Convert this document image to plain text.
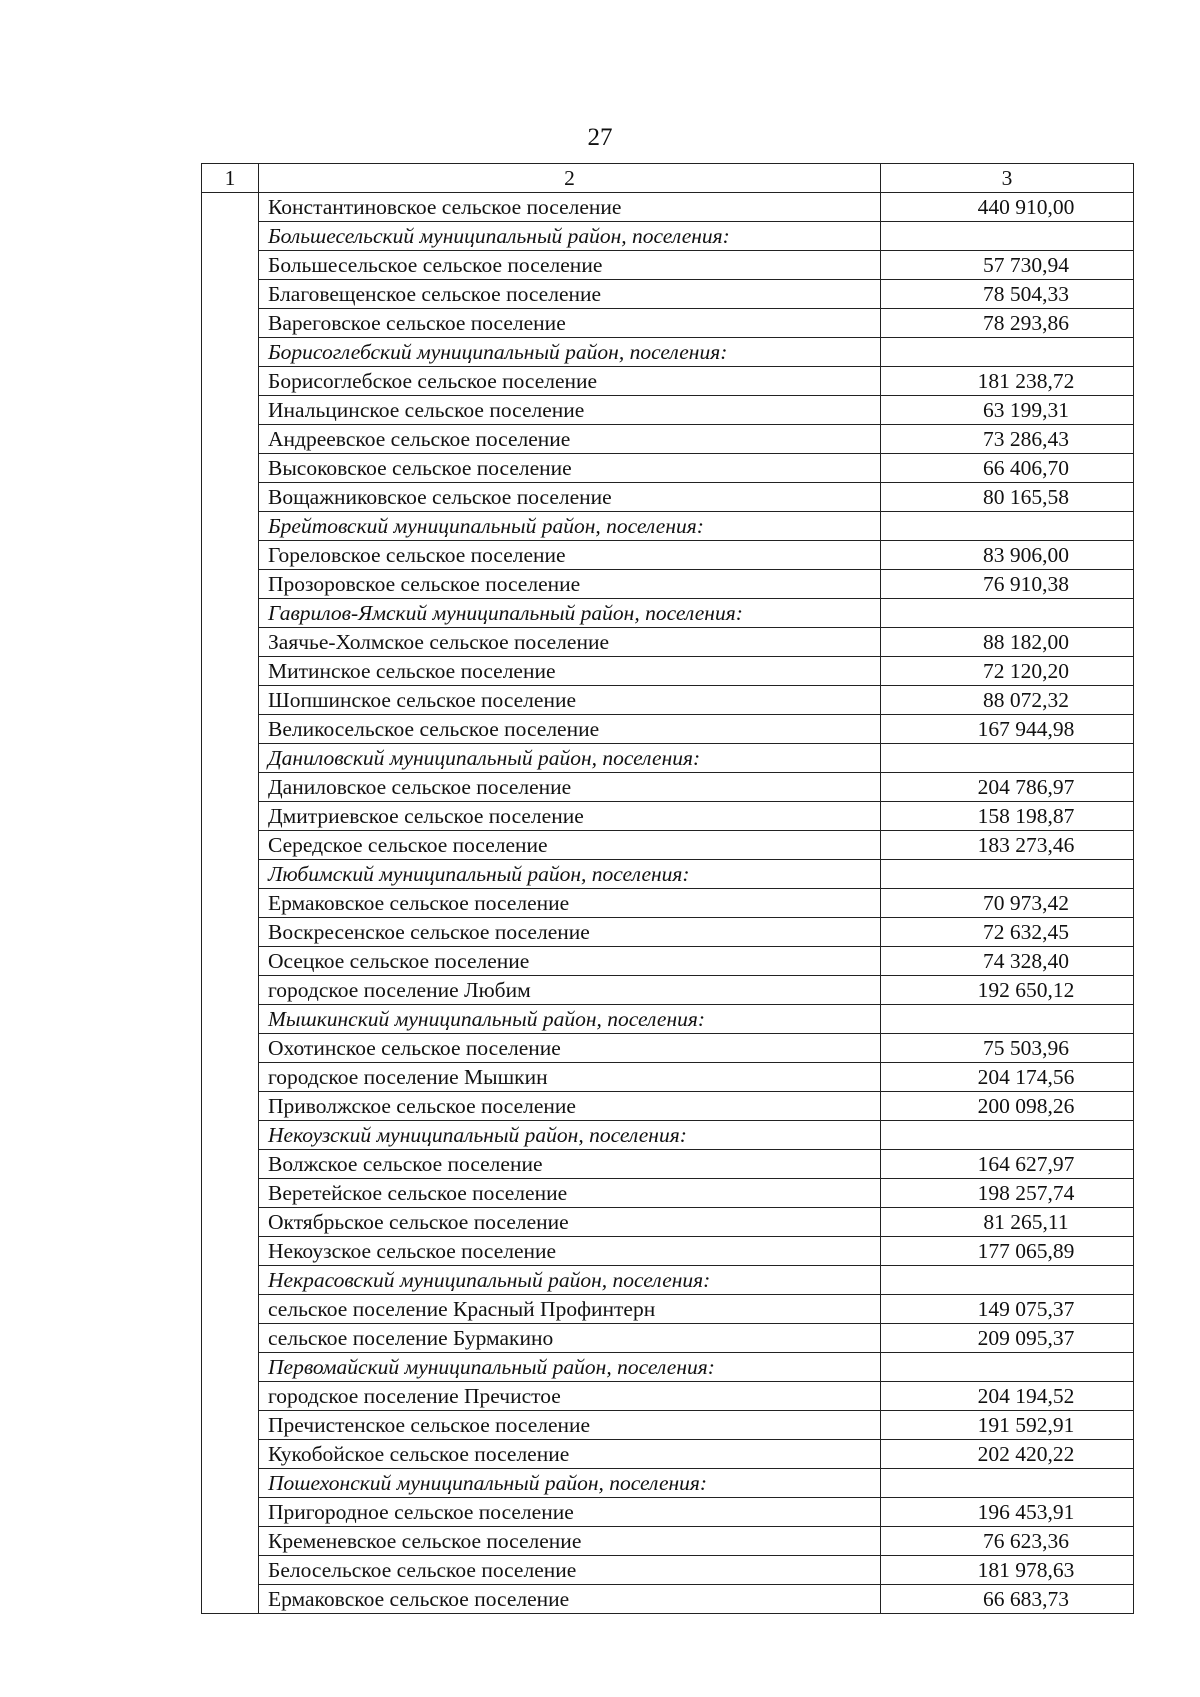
27
1	2	3
	Константиновское сельское поселение	440 910,00
	Большесельский муниципальный район, поселения:	
	Большесельское сельское поселение	57 730,94
	Благовещенское сельское поселение	78 504,33
	Вареговское сельское поселение	78 293,86
	Борисоглебский муниципальный район, поселения:	
	Борисоглебское сельское поселение	181 238,72
	Инальцинское сельское поселение	63 199,31
	Андреевское сельское поселение	73 286,43
	Высоковское сельское поселение	66 406,70
	Вощажниковское сельское поселение	80 165,58
	Брейтовский муниципальный район, поселения:	
	Гореловское сельское поселение	83 906,00
	Прозоровское сельское поселение	76 910,38
	Гаврилов-Ямский муниципальный район, поселения:	
	Заячье-Холмское сельское поселение	88 182,00
	Митинское сельское поселение	72 120,20
	Шопшинское сельское поселение	88 072,32
	Великосельское сельское поселение	167 944,98
	Даниловский муниципальный район, поселения:	
	Даниловское сельское поселение	204 786,97
	Дмитриевское сельское поселение	158 198,87
	Середское сельское поселение	183 273,46
	Любимский муниципальный район, поселения:	
	Ермаковское сельское поселение	70 973,42
	Воскресенское сельское поселение	72 632,45
	Осецкое сельское поселение	74 328,40
	городское поселение Любим	192 650,12
	Мышкинский муниципальный район, поселения:	
	Охотинское сельское поселение	75 503,96
	городское поселение Мышкин	204 174,56
	Приволжское сельское поселение	200 098,26
	Некоузский муниципальный район, поселения:	
	Волжское сельское поселение	164 627,97
	Веретейское сельское поселение	198 257,74
	Октябрьское сельское поселение	81 265,11
	Некоузское сельское поселение	177 065,89
	Некрасовский муниципальный район, поселения:	
	сельское поселение Красный Профинтерн	149 075,37
	сельское поселение Бурмакино	209 095,37
	Первомайский муниципальный район, поселения:	
	городское поселение Пречистое	204 194,52
	Пречистенское сельское поселение	191 592,91
	Кукобойское сельское поселение	202 420,22
	Пошехонский муниципальный район, поселения:	
	Пригородное сельское поселение	196 453,91
	Кременевское сельское поселение	76 623,36
	Белосельское сельское поселение	181 978,63
	Ермаковское сельское поселение	66 683,73
